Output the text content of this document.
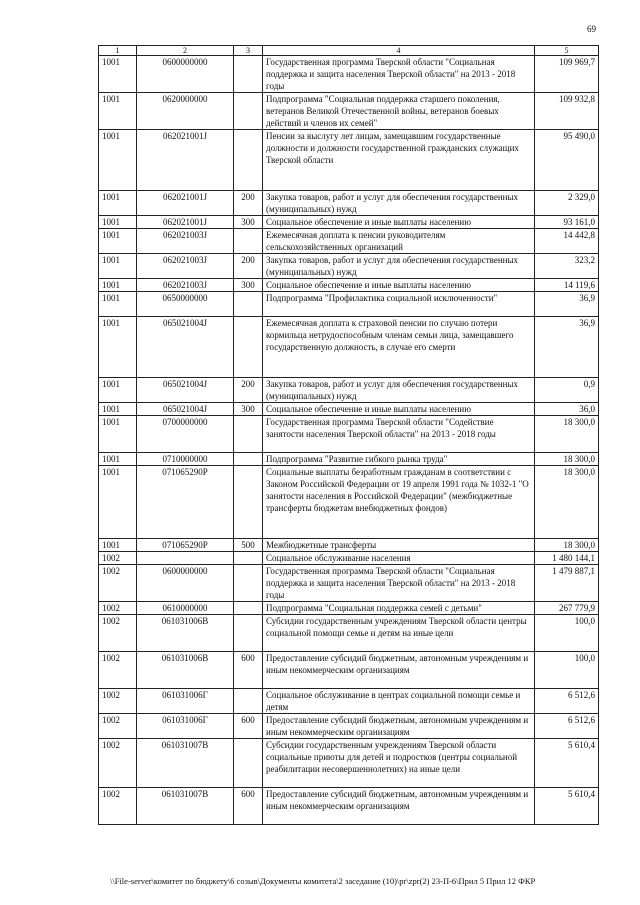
69
1	2	3	4	5
1001	0600000000		Государственная программа Тверской области "Социальная поддержка и защита населения Тверской области" на 2013 - 2018 годы	109 969,7
1001	0620000000		Подпрограмма "Социальная поддержка старшего поколения, ветеранов Великой Отечественной войны, ветеранов боевых действий и членов их семей"	109 932,8
1001	062021001J		Пенсии за выслугу лет лицам, замещавшим государственные должности и должности государственной гражданских служащих Тверской области	95 490,0
1001	062021001J	200	Закупка товаров, работ и услуг для обеспечения государственных (муниципальных) нужд	2 329,0
1001	062021001J	300	Социальное обеспечение и иные выплаты населению	93 161,0
1001	062021003J		Ежемесячная доплата к пенсии руководителям сельскохозяйственных организаций	14 442,8
1001	062021003J	200	Закупка товаров, работ и услуг для обеспечения государственных (муниципальных) нужд	323,2
1001	062021003J	300	Социальное обеспечение и иные выплаты населению	14 119,6
1001	0650000000		Подпрограмма "Профилактика социальной исключенности"	36,9
1001	065021004J		Ежемесячная доплата к страховой пенсии по случаю потери кормильца нетрудоспособным членам семьи лица, замещавшего государственную должность, в случае его смерти	36,9
1001	065021004J	200	Закупка товаров, работ и услуг для обеспечения государственных (муниципальных) нужд	0,9
1001	065021004J	300	Социальное обеспечение и иные выплаты населению	36,0
1001	0700000000		Государственная программа Тверской области "Содействие занятости населения Тверской области" на 2013 - 2018 годы	18 300,0
1001	0710000000		Подпрограмма "Развитие гибкого рынка труда"	18 300,0
1001	071065290Р		Социальные выплаты безработным гражданам в соответствии с Законом Российской Федерации от 19 апреля 1991 года № 1032-1 "О занятости населения в Российской Федерации" (межбюджетные трансферты бюджетам внебюджетных фондов)	18 300,0
1001	071065290Р	500	Межбюджетные трансферты	18 300,0
1002			Социальное обслуживание населения	1 480 144,1
1002	0600000000		Государственная программа Тверской области "Социальная поддержка и защита населения Тверской области" на 2013 - 2018 годы	1 479 887,1
1002	0610000000		Подпрограмма "Социальная поддержка семей с детьми"	267 779,9
1002	061031006В		Субсидии государственным учреждениям Тверской области центры социальной помощи семье и детям на иные цели	100,0
1002	061031006В	600	Предоставление субсидий бюджетным, автономным учреждениям и иным некоммерческим организациям	100,0
1002	061031006Г		Социальное обслуживание в центрах социальной помощи семье и детям	6 512,6
1002	061031006Г	600	Предоставление субсидий бюджетным, автономным учреждениям и иным некоммерческим организациям	6 512,6
1002	061031007В		Субсидии государственным учреждениям Тверской области социальные приюты для детей и подростков (центры социальной реабилитации несовершеннолетних) на иные цели	5 610,4
1002	061031007В	600	Предоставление субсидий бюджетным, автономным учреждениям и иным некоммерческим организациям	5 610,4
\\File-server\комитет по бюджету\6 созыв\Документы комитета\2 заседание (10)\pr\zpr(2) 23-П-6\Прил 5 Прил 12 ФКР
